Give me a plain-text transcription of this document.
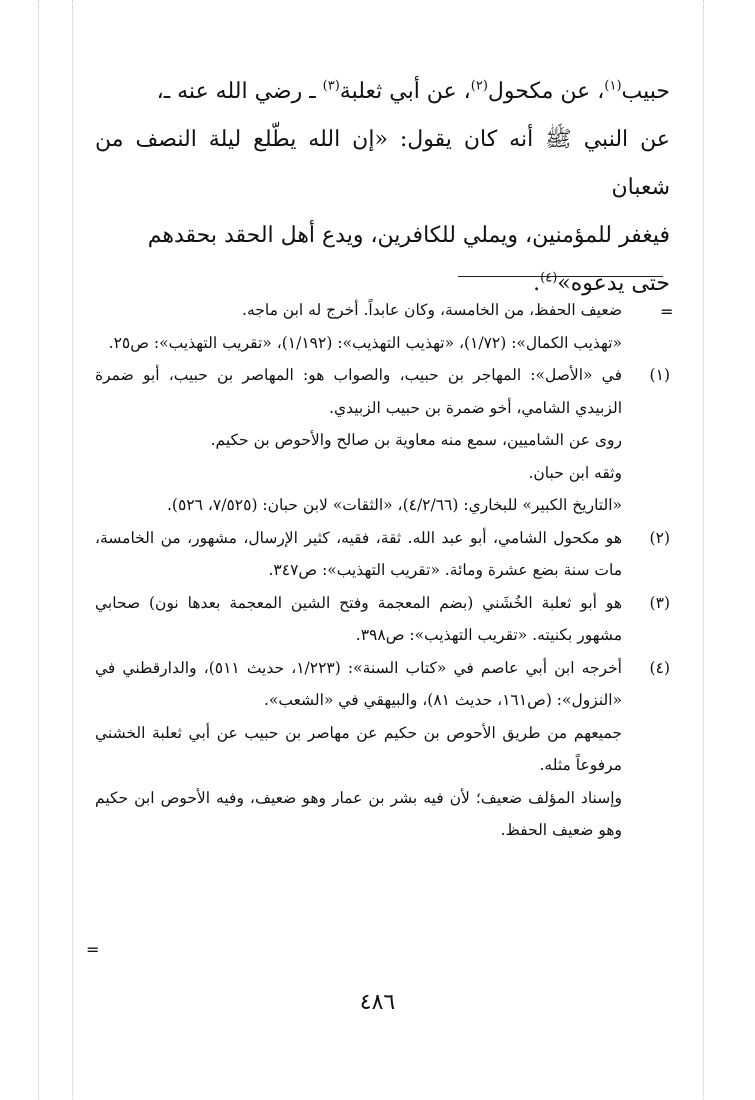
حبيب$^{(١)}$، عن مكحول$^{(٢)}$، عن أبي ثعلبة$^{(٣)}$ ـ رضي الله عنه ـ،

عن النبي ﷺ أنه كان يقول: «إن الله يطّلع ليلة النصف من شعبان

فيغفر للمؤمنين، ويملي للكافرين، ويدع أهل الحقد بحقدهم

حتى يدعوه»$^{(٤)}$.

=
=

ضعيف الحفظ، من الخامسة، وكان عابداً. أخرج له ابن ماجه.

«تهذيب الكمال»: (١/٧٢)، «تهذيب التهذيب»: (١/١٩٢)، «تقريب التهذيب»: ص٢٥.

(١)

في «الأصل»: المهاجر بن حبيب، والصواب هو: المهاصر بن حبيب، أبو ضمرة الزبيدي الشامي، أخو ضمرة بن حبيب الزبيدي.

روى عن الشاميين، سمع منه معاوية بن صالح والأحوص بن حكيم.

وثقه ابن حبان.

«التاريخ الكبير» للبخاري: (٤/٢/٦٦)، «الثقات» لابن حبان: (٧/٥٢٥، ٥٢٦).

(٢)

هو مكحول الشامي، أبو عبد الله. ثقة، فقيه، كثير الإرسال، مشهور، من الخامسة، مات سنة بضع عشرة ومائة. «تقريب التهذيب»: ص٣٤٧.

(٣)

هو أبو ثعلبة الخُشَني (بضم المعجمة وفتح الشين المعجمة بعدها نون) صحابي مشهور بكنيته. «تقريب التهذيب»: ص٣٩٨.

(٤)

أخرجه ابن أبي عاصم في «كتاب السنة»: (١/٢٢٣، حديث ٥١١)، والدارقطني في «النزول»: (ص١٦١، حديث ٨١)، والبيهقي في «الشعب».

جميعهم من طريق الأحوص بن حكيم عن مهاصر بن حبيب عن أبي ثعلبة الخشني مرفوعاً مثله.

وإسناد المؤلف ضعيف؛ لأن فيه بشر بن عمار وهو ضعيف، وفيه الأحوص ابن حكيم وهو ضعيف الحفظ.

٤٨٦
